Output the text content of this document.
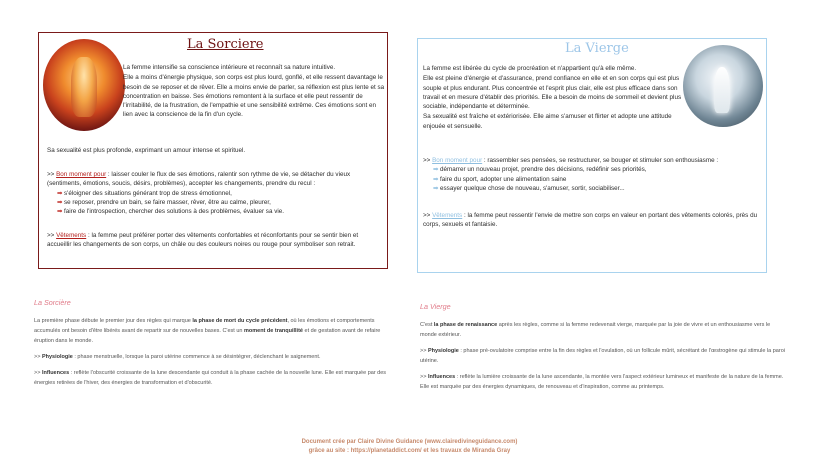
La Sorciere

La femme intensifie sa conscience intérieure et reconnaît sa nature intuitive.

Elle a moins d'énergie physique, son corps est plus lourd, gonflé, et elle ressent davantage le besoin de se reposer et de rêver. Elle a moins envie de parler, sa réflexion est plus lente et sa concentration en baisse. Ses émotions remontent à la surface et elle peut ressentir de l'irritabilité, de la frustration, de l'empathie et une sensibilité extrême. Ces émotions sont en lien avec la conscience de la fin d'un cycle.

Sa sexualité est plus profonde, exprimant un amour intense et spirituel.

>> Bon moment pour : laisser couler le flux de ses émotions, ralentir son rythme de vie, se détacher du vieux (sentiments, émotions, soucis, désirs, problèmes), accepter les changements, prendre du recul :

➡ s'éloigner des situations générant trop de stress émotionnel,

➡ se reposer, prendre un bain, se faire masser, rêver, être au calme, pleurer,

➡ faire de l'introspection, chercher des solutions à des problèmes, évaluer sa vie.

>> Vêtements : la femme peut préférer porter des vêtements confortables et réconfortants pour se sentir bien et accueillir les changements de son corps, un châle ou des couleurs noires ou rouge pour symboliser son retrait.

La Vierge

La femme est libérée du cycle de procréation et n'appartient qu'à elle même.

Elle est pleine d'énergie et d'assurance, prend confiance en elle et en son corps qui est plus souple et plus endurant. Plus concentrée et l'esprit plus clair, elle est plus efficace dans son travail et en mesure d'établir des priorités. Elle a besoin de moins de sommeil et devient plus sociable, indépendante et déterminée.

Sa sexualité est fraîche et extériorisée. Elle aime s'amuser et flirter et adopte une attitude enjouée et sensuelle.

>> Bon moment pour : rassembler ses pensées, se restructurer, se bouger et stimuler son enthousiasme :

➡ démarrer un nouveau projet, prendre des décisions, redéfinir ses priorités,

➡ faire du sport, adopter une alimentation saine

➡ essayer quelque chose de nouveau, s'amuser, sortir, sociabiliser...

>> Vêtements : la femme peut ressentir l'envie de mettre son corps en valeur en portant des vêtements colorés, près du corps, sexuels et fantaisie.

La Sorcière

La première phase débute le premier jour des règles qui marque la phase de mort du cycle précédent, où les émotions et comportements accumulés ont besoin d'être libérés avant de repartir sur de nouvelles bases. C'est un moment de tranquillité et de gestation avant de refaire éruption dans le monde.

>> Physiologie : phase menstruelle, lorsque la paroi utérine commence à se désintégrer, déclenchant le saignement.

>> Influences : reflète l'obscurité croissante de la lune descendante qui conduit à la phase cachée de la nouvelle lune. Elle est marquée par des énergies retirées de l'hiver, des énergies de transformation et d'obscurité.

La Vierge

C'est la phase de renaissance après les règles, comme si la femme redevenait vierge, marquée par la joie de vivre et un enthousiasme vers le monde extérieur.

>> Physiologie : phase pré-ovulatoire comprise entre la fin des règles et l'ovulation, où un follicule mûrit, sécrétant de l'œstrogène qui stimule la paroi utérine.

>> Influences : reflète la lumière croissante de la lune ascendante, la montée vers l'aspect extérieur lumineux et manifeste de la nature de la femme. Elle est marquée par des énergies dynamiques, de renouveau et d'inspiration, comme au printemps.

Document crée par Claire Divine Guidance (www.clairedivineguidance.com)
grâce au site : https://planetaddict.com/ et les travaux de Miranda Gray
